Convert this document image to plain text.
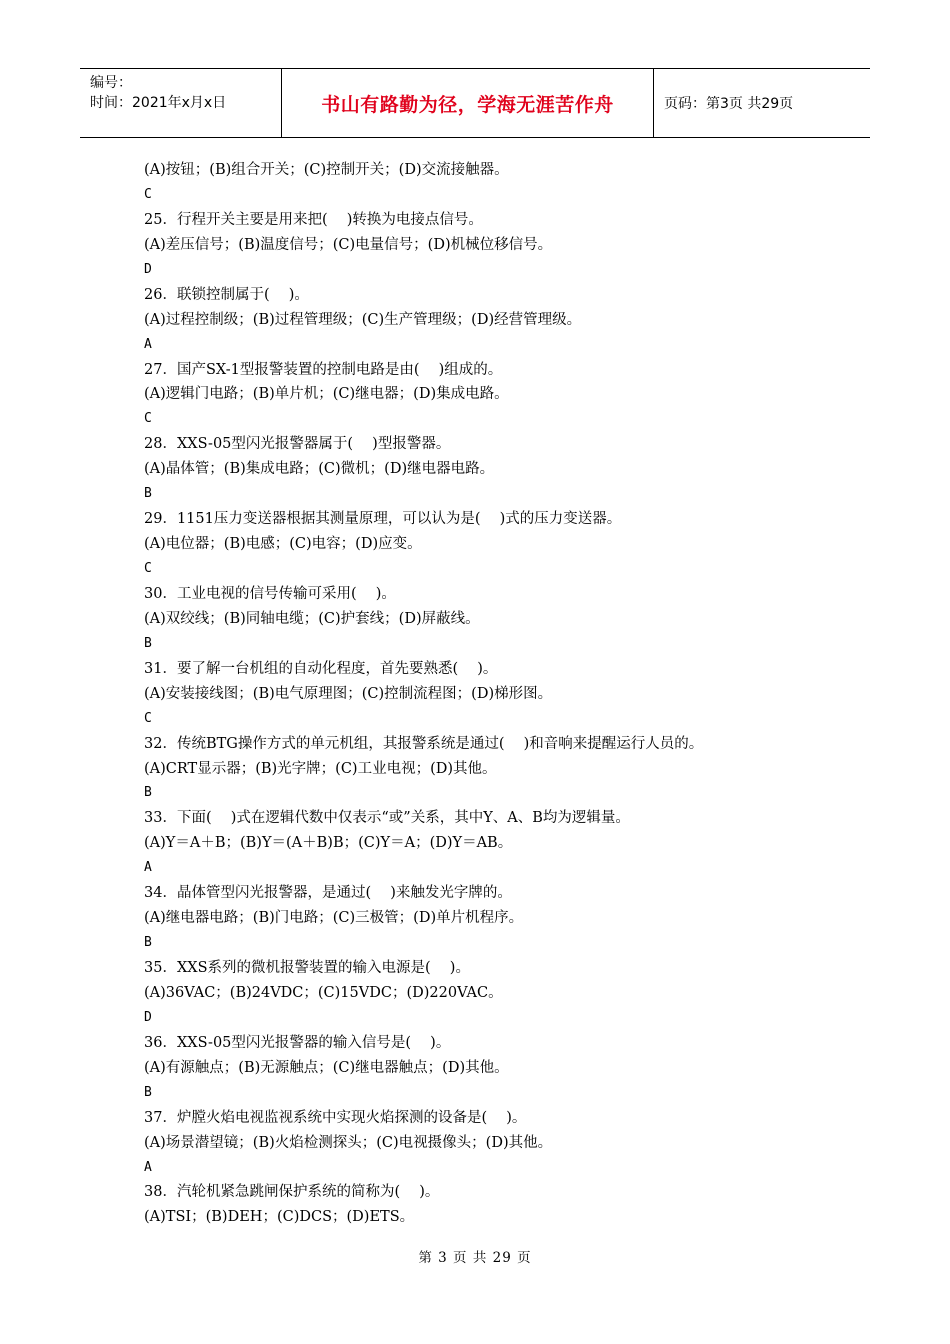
编号：
时间：2021年x月x日	书山有路勤为径，学海无涯苦作舟	页码：第3页 共29页
(A)按钮；(B)组合开关；(C)控制开关；(D)交流接触器。
C
25．行程开关主要是用来把(　 )转换为电接点信号。
(A)差压信号；(B)温度信号；(C)电量信号；(D)机械位移信号。
D
26．联锁控制属于(　 )。
(A)过程控制级；(B)过程管理级；(C)生产管理级；(D)经营管理级。
A
27．国产SX-1型报警装置的控制电路是由(　 )组成的。
(A)逻辑门电路；(B)单片机；(C)继电器；(D)集成电路。
C
28．XXS-05型闪光报警器属于(　 )型报警器。
(A)晶体管；(B)集成电路；(C)微机；(D)继电器电路。
B
29．1151压力变送器根据其测量原理，可以认为是(　 )式的压力变送器。
(A)电位器；(B)电感；(C)电容；(D)应变。
C
30．工业电视的信号传输可采用(　 )。
(A)双绞线；(B)同轴电缆；(C)护套线；(D)屏蔽线。
B
31．要了解一台机组的自动化程度，首先要熟悉(　 )。
(A)安装接线图；(B)电气原理图；(C)控制流程图；(D)梯形图。
C
32．传统BTG操作方式的单元机组，其报警系统是通过(　 )和音响来提醒运行人员的。
(A)CRT显示器；(B)光字牌；(C)工业电视；(D)其他。
B
33．下面(　 )式在逻辑代数中仅表示“或”关系，其中Y、A、B均为逻辑量。
(A)Y＝A＋B；(B)Y＝(A＋B)B；(C)Y＝A；(D)Y＝AB。
A
34．晶体管型闪光报警器，是通过(　 )来触发光字牌的。
(A)继电器电路；(B)门电路；(C)三极管；(D)单片机程序。
B
35．XXS系列的微机报警装置的输入电源是(　 )。
(A)36VAC；(B)24VDC；(C)15VDC；(D)220VAC。
D
36．XXS-05型闪光报警器的输入信号是(　 )。
(A)有源触点；(B)无源触点；(C)继电器触点；(D)其他。
B
37．炉膛火焰电视监视系统中实现火焰探测的设备是(　 )。
(A)场景潜望镜；(B)火焰检测探头；(C)电视摄像头；(D)其他。
A
38．汽轮机紧急跳闸保护系统的简称为(　 )。
(A)TSI；(B)DEH；(C)DCS；(D)ETS。
第 3 页 共 29 页
